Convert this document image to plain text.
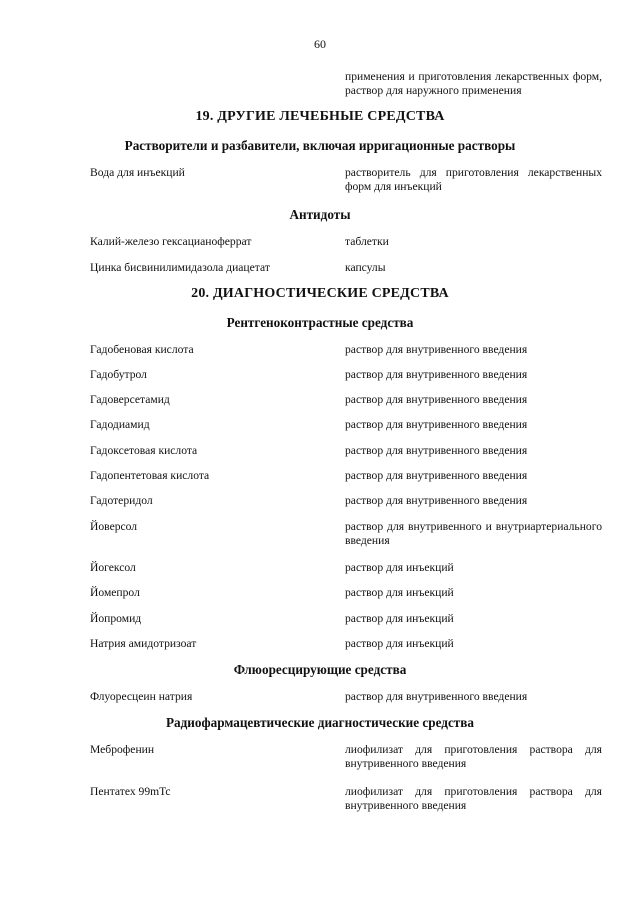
60
применения и приготовления лекарственных форм, раствор для наружного применения
19. ДРУГИЕ ЛЕЧЕБНЫЕ СРЕДСТВА
Растворители и разбавители, включая ирригационные растворы
Вода для инъекций	растворитель для приготовления лекарственных форм для инъекций
Антидоты
Калий-железо гексацианоферрат	таблетки
Цинка бисвинилимидазола диацетат	капсулы
20. ДИАГНОСТИЧЕСКИЕ СРЕДСТВА
Рентгеноконтрастные средства
Гадобеновая кислота	раствор для внутривенного введения
Гадобутрол	раствор для внутривенного введения
Гадоверсетамид	раствор для внутривенного введения
Гадодиамид	раствор для внутривенного введения
Гадоксетовая кислота	раствор для внутривенного введения
Гадопентетовая кислота	раствор для внутривенного введения
Гадотеридол	раствор для внутривенного введения
Йоверсол	раствор для внутривенного и внутриартериального введения
Йогексол	раствор для инъекций
Йомепрол	раствор для инъекций
Йопромид	раствор для инъекций
Натрия амидотризоат	раствор для инъекций
Флюоресцирующие средства
Флуоресцеин натрия	раствор для внутривенного введения
Радиофармацевтические диагностические средства
Меброфенин	лиофилизат для приготовления раствора для внутривенного введения
Пентатех 99mTc	лиофилизат для приготовления раствора для внутривенного введения
